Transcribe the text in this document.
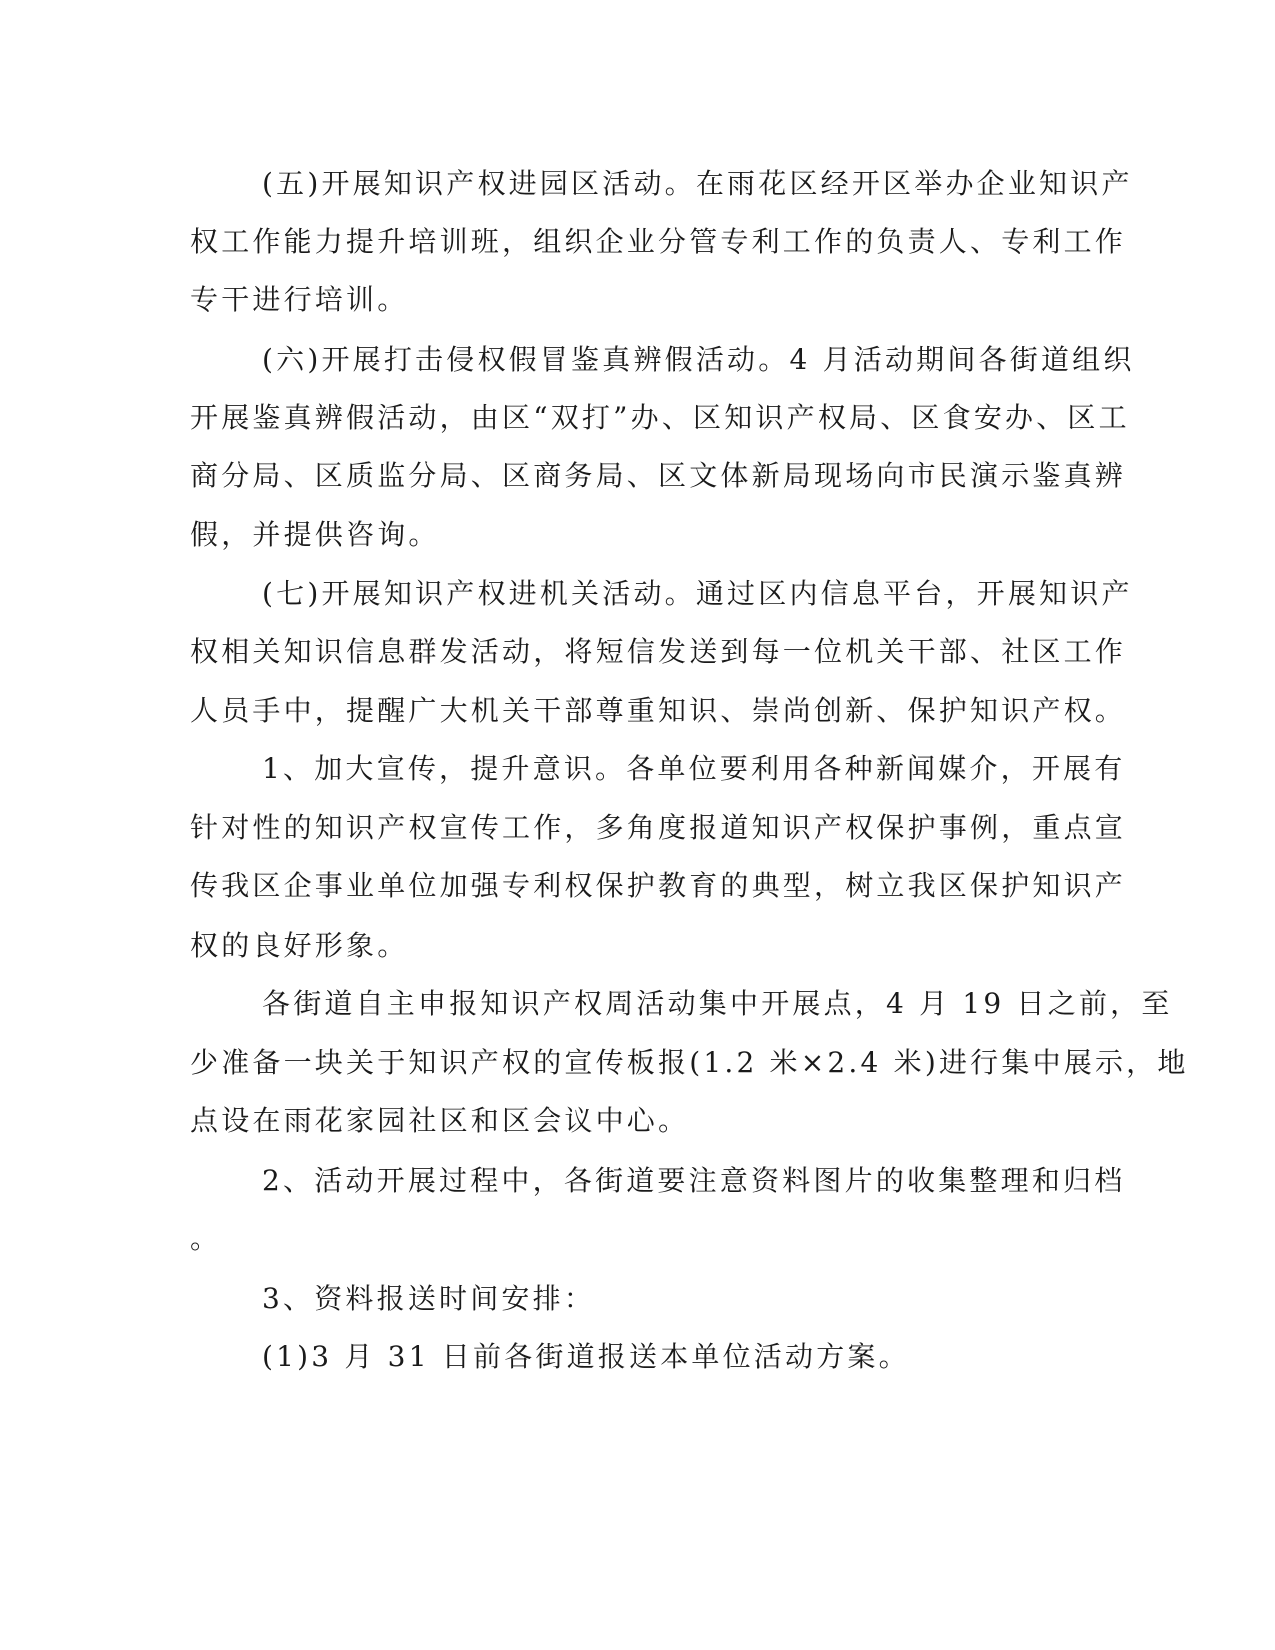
(五)开展知识产权进园区活动。在雨花区经开区举办企业知识产

权工作能力提升培训班，组织企业分管专利工作的负责人、专利工作

专干进行培训。

(六)开展打击侵权假冒鉴真辨假活动。4 月活动期间各街道组织

开展鉴真辨假活动，由区“双打”办、区知识产权局、区食安办、区工

商分局、区质监分局、区商务局、区文体新局现场向市民演示鉴真辨

假，并提供咨询。

(七)开展知识产权进机关活动。通过区内信息平台，开展知识产

权相关知识信息群发活动，将短信发送到每一位机关干部、社区工作

人员手中，提醒广大机关干部尊重知识、崇尚创新、保护知识产权。

1、加大宣传，提升意识。各单位要利用各种新闻媒介，开展有

针对性的知识产权宣传工作，多角度报道知识产权保护事例，重点宣

传我区企事业单位加强专利权保护教育的典型，树立我区保护知识产

权的良好形象。

各街道自主申报知识产权周活动集中开展点，4 月 19 日之前，至

少准备一块关于知识产权的宣传板报(1.2 米×2.4 米)进行集中展示，地

点设在雨花家园社区和区会议中心。

2、活动开展过程中，各街道要注意资料图片的收集整理和归档

。

3、资料报送时间安排：

(1)3 月 31 日前各街道报送本单位活动方案。
